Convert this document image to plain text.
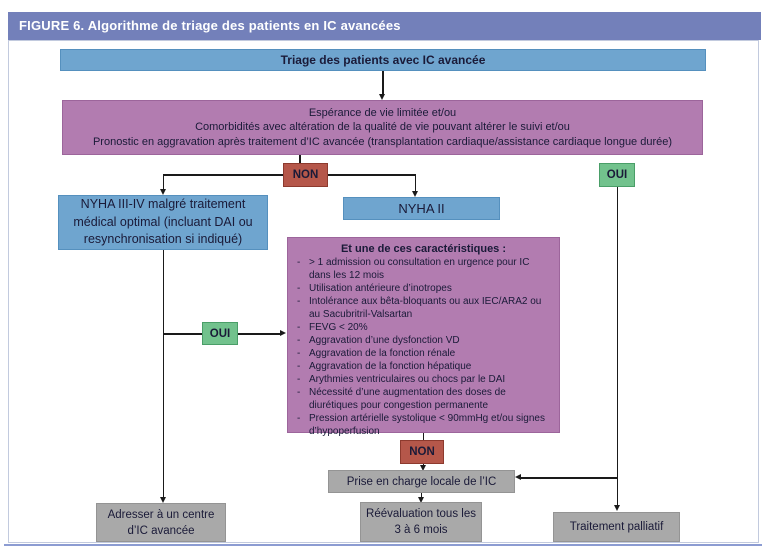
FIGURE 6. Algorithme de triage des patients en IC avancées
Triage des patients avec IC avancée
Espérance de vie limitée et/ou
Comorbidités avec altération de la qualité de vie pouvant altérer le suivi et/ou
Pronostic en aggravation après traitement d’IC avancée (transplantation cardiaque/assistance cardiaque longue durée)
NON	OUI
OUI
NON
NYHA III-IV malgré traitement
médical optimal (incluant DAI ou
resynchronisation si indiqué)
NYHA II
Et une de ces caractéristiques :
- > 1 admission ou consultation en urgence pour IC dans les 12 mois
- Utilisation antérieure d’inotropes
- Intolérance aux bêta-bloquants ou aux IEC/ARA2 ou au Sacubritril-Valsartan
- FEVG < 20%
- Aggravation d’une dysfonction VD
- Aggravation de la fonction rénale
- Aggravation de la fonction hépatique
- Arythmies ventriculaires ou chocs par le DAI
- Nécessité d’une augmentation des doses de diurétiques pour congestion permanente
- Pression artérielle systolique < 90mmHg et/ou signes d’hypoperfusion
Prise en charge locale de l’IC
Adresser à un centre
d’IC avancée
Réévaluation tous les
3 à 6 mois	Traitement palliatif
